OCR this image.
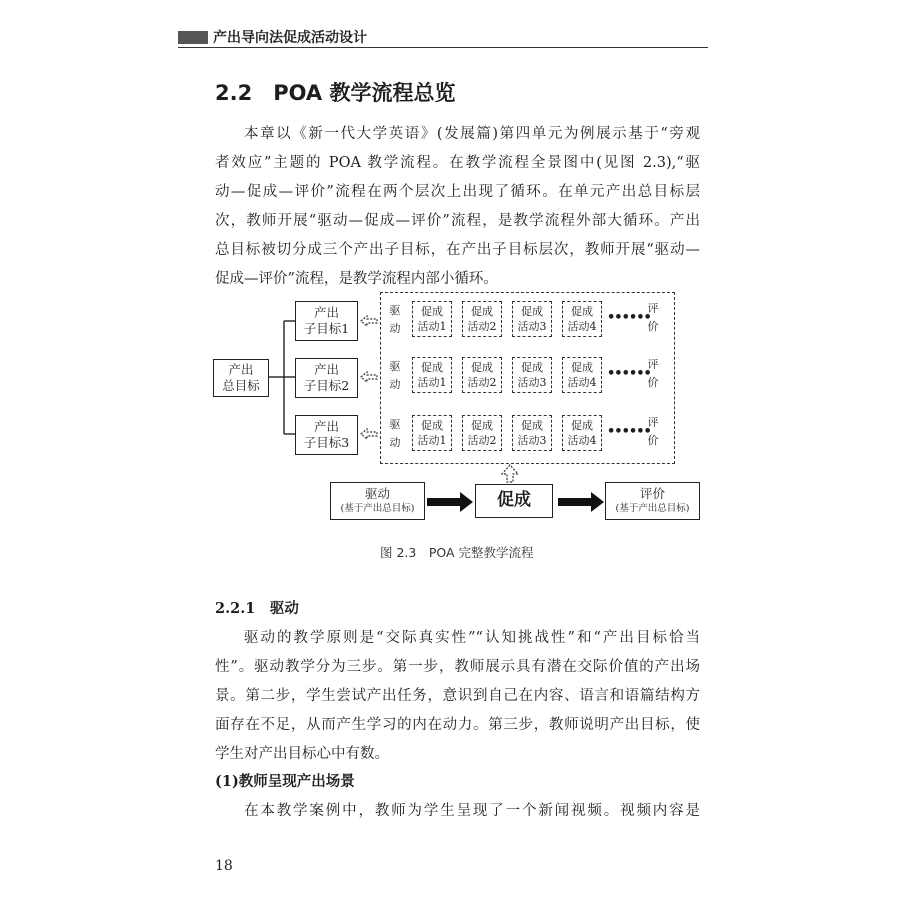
产出导向法促成活动设计
2.2　POA 教学流程总览
本章以《新一代大学英语》(发展篇)第四单元为例展示基于“旁观
者效应”主题的 POA 教学流程。在教学流程全景图中(见图 2.3),“驱
动—促成—评价”流程在两个层次上出现了循环。在单元产出总目标层
次，教师开展“驱动—促成—评价”流程，是教学流程外部大循环。产出
总目标被切分成三个产出子目标，在产出子目标层次，教师开展“驱动—
促成—评价”流程，是教学流程内部小循环。
产出
总目标
产出
子目标1
产出
子目标2
产出
子目标3
驱
动
促成
活动1
促成
活动2
促成
活动3
促成
活动4
••••••
评
价
驱
动
促成
活动1
促成
活动2
促成
活动3
促成
活动4
••••••
评
价
驱
动
促成
活动1
促成
活动2
促成
活动3
促成
活动4
••••••
评
价
驱动
(基于产出总目标)	促成	评价
(基于产出总目标)
图 2.3　POA 完整教学流程
2.2.1　驱动
驱动的教学原则是“交际真实性”“认知挑战性”和“产出目标恰当
性”。驱动教学分为三步。第一步，教师展示具有潜在交际价值的产出场
景。第二步，学生尝试产出任务，意识到自己在内容、语言和语篇结构方
面存在不足，从而产生学习的内在动力。第三步，教师说明产出目标，使
学生对产出目标心中有数。
(1)教师呈现产出场景
在本教学案例中，教师为学生呈现了一个新闻视频。视频内容是
18
